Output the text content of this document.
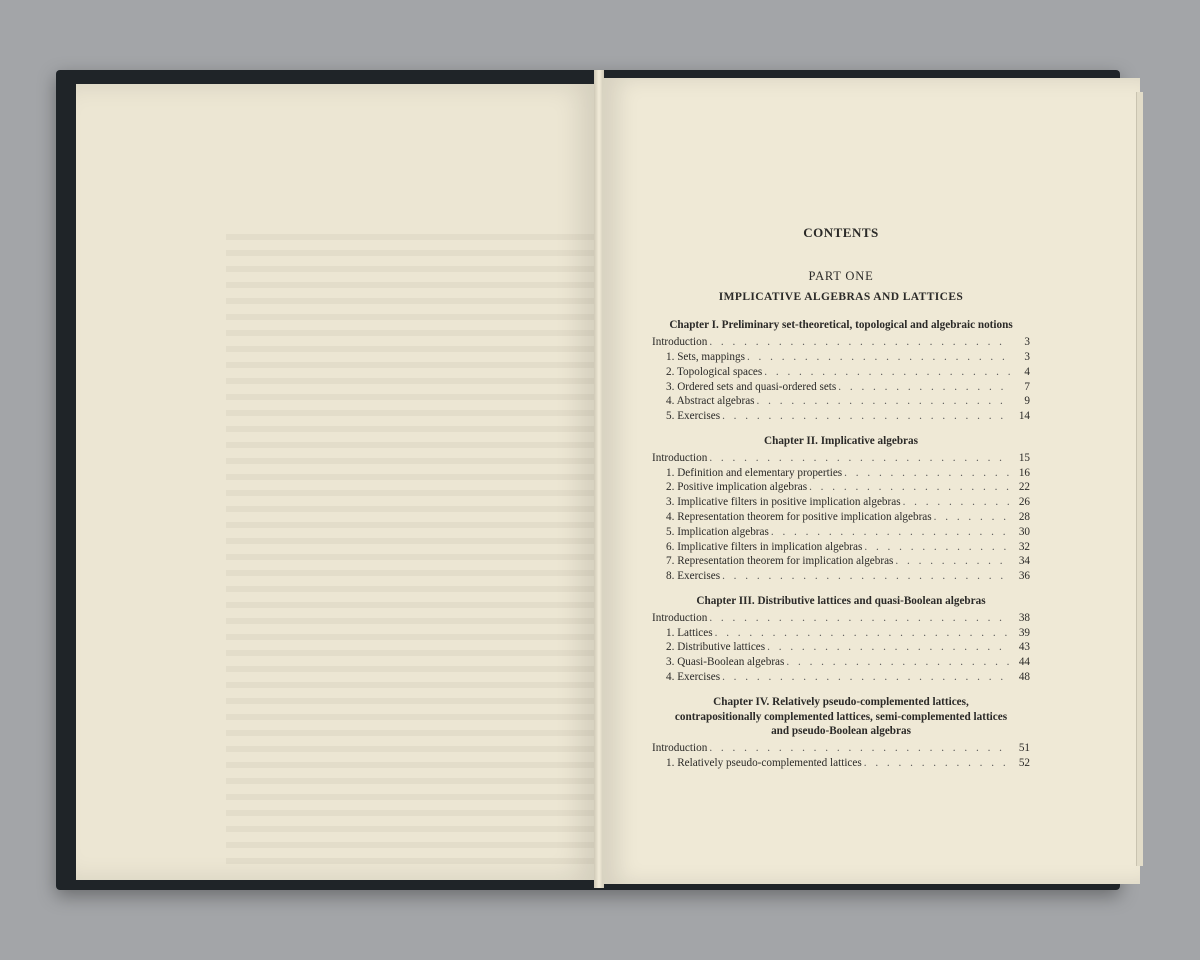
CONTENTS
PART ONE
IMPLICATIVE ALGEBRAS AND LATTICES
Chapter I. Preliminary set-theoretical, topological and algebraic notions
Introduction . . .	3
1. Sets, mappings . . .	3
2. Topological spaces . . .	4
3. Ordered sets and quasi-ordered sets . . .	7
4. Abstract algebras . . .	9
5. Exercises . . .	14
Chapter II. Implicative algebras
Introduction . . .	15
1. Definition and elementary properties . . .	16
2. Positive implication algebras . . .	22
3. Implicative filters in positive implication algebras . . .	26
4. Representation theorem for positive implication algebras . . .	28
5. Implication algebras . . .	30
6. Implicative filters in implication algebras . . .	32
7. Representation theorem for implication algebras . . .	34
8. Exercises . . .	36
Chapter III. Distributive lattices and quasi-Boolean algebras
Introduction . . .	38
1. Lattices . . .	39
2. Distributive lattices . . .	43
3. Quasi-Boolean algebras . . .	44
4. Exercises . . .	48
Chapter IV. Relatively pseudo-complemented lattices,
contrapositionally complemented lattices, semi-complemented lattices
and pseudo-Boolean algebras
Introduction . . .	51
1. Relatively pseudo-complemented lattices . . .	52
